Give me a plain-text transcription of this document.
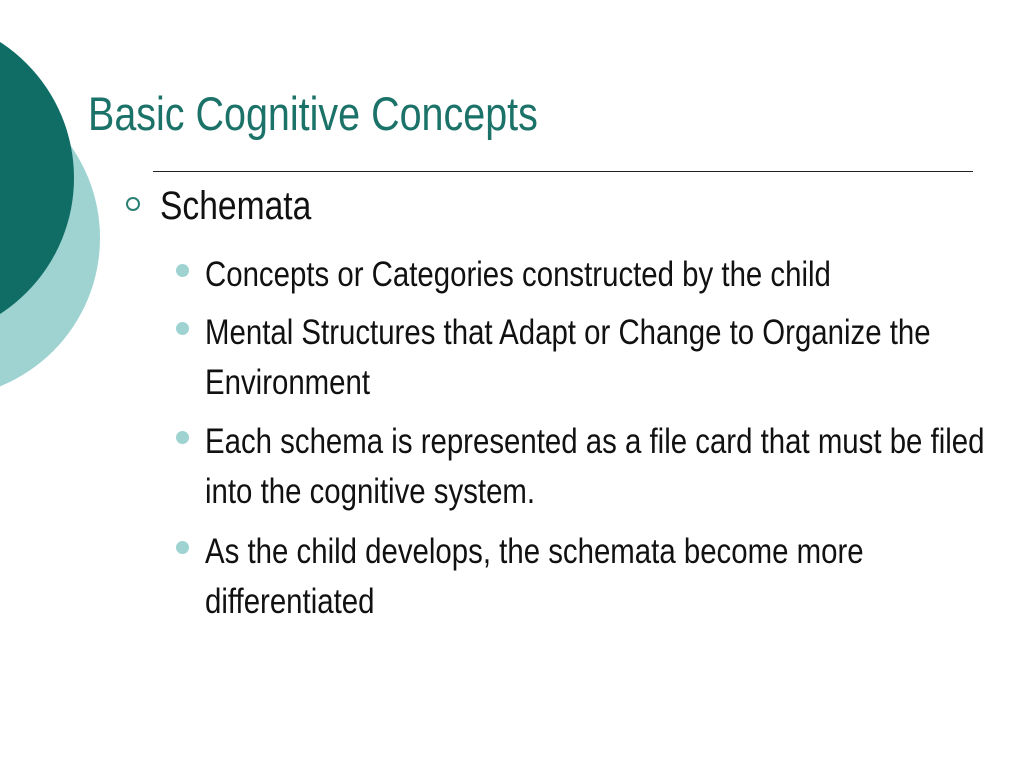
Basic Cognitive Concepts
Schemata
Concepts or Categories constructed by the child
Mental Structures that Adapt or Change to Organize the Environment
Each schema is represented as a file card that must be filed into the cognitive system.
As the child develops, the schemata become more differentiated
